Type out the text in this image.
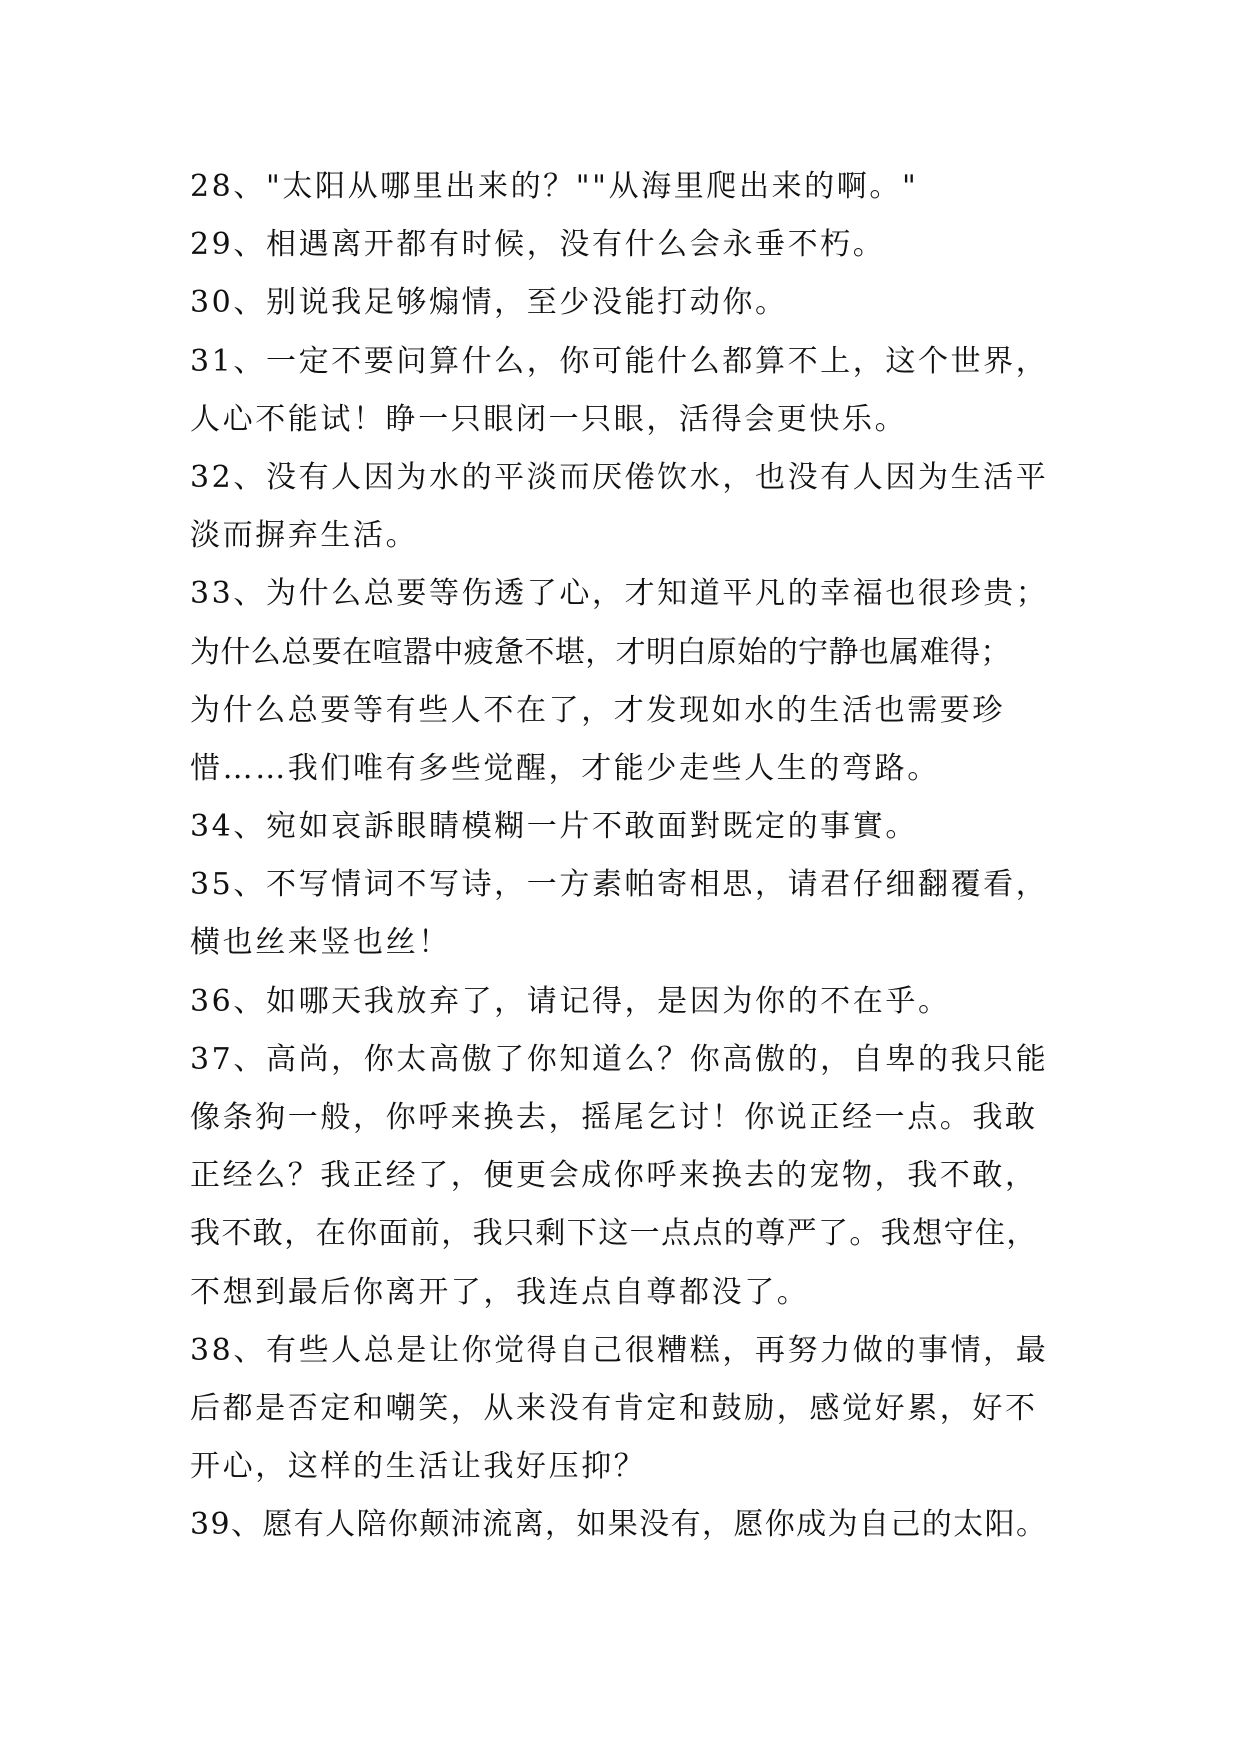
28、"太阳从哪里出来的？""从海里爬出来的啊。"
29、相遇离开都有时候，没有什么会永垂不朽。
30、别说我足够煽情，至少没能打动你。
31、一定不要问算什么，你可能什么都算不上，这个世界，
人心不能试！睁一只眼闭一只眼，活得会更快乐。
32、没有人因为水的平淡而厌倦饮水，也没有人因为生活平
淡而摒弃生活。
33、为什么总要等伤透了心，才知道平凡的幸福也很珍贵；
为什么总要在喧嚣中疲惫不堪，才明白原始的宁静也属难得；
为什么总要等有些人不在了，才发现如水的生活也需要珍
惜……我们唯有多些觉醒，才能少走些人生的弯路。
34、宛如哀訴眼睛模糊一片不敢面對既定的事實。
35、不写情词不写诗，一方素帕寄相思，请君仔细翻覆看，
横也丝来竖也丝！
36、如哪天我放弃了，请记得，是因为你的不在乎。
37、高尚，你太高傲了你知道么？你高傲的，自卑的我只能
像条狗一般，你呼来换去，摇尾乞讨！你说正经一点。我敢
正经么？我正经了，便更会成你呼来换去的宠物，我不敢，
我不敢，在你面前，我只剩下这一点点的尊严了。我想守住，
不想到最后你离开了，我连点自尊都没了。
38、有些人总是让你觉得自己很糟糕，再努力做的事情，最
后都是否定和嘲笑，从来没有肯定和鼓励，感觉好累，好不
开心，这样的生活让我好压抑？
39、愿有人陪你颠沛流离，如果没有，愿你成为自己的太阳。
